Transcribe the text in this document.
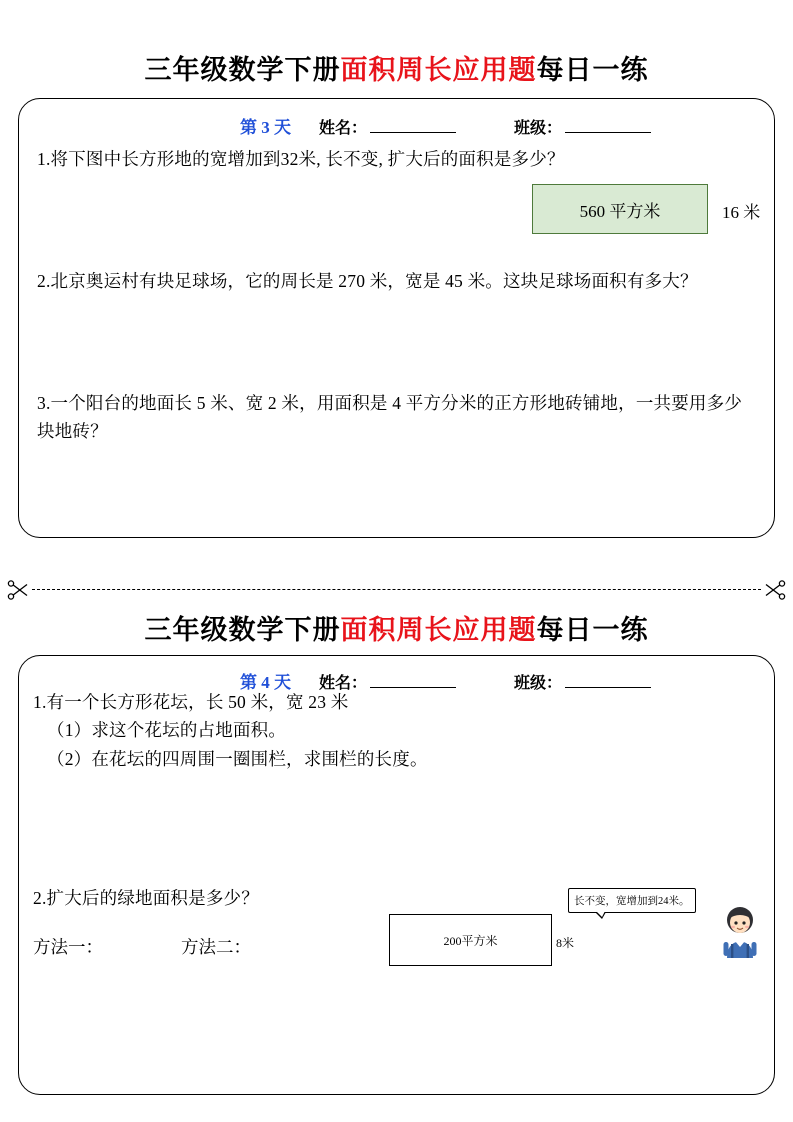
三年级数学下册面积周长应用题每日一练
第 3 天	姓名：	班级：
1.将下图中长方形地的宽增加到32米, 长不变, 扩大后的面积是多少？
560 平方米	16 米
2.北京奥运村有块足球场，它的周长是 270 米，宽是 45 米。这块足球场面积有多大？
3.一个阳台的地面长 5 米、宽 2 米，用面积是 4 平方分米的正方形地砖铺地，一共要用多少块地砖？
三年级数学下册面积周长应用题每日一练
第 4 天	姓名：	班级：
1.有一个长方形花坛，长 50 米，宽 23 米
（1）求这个花坛的占地面积。
（2）在花坛的四周围一圈围栏，求围栏的长度。
2.扩大后的绿地面积是多少？
方法一：	方法二：	200平方米	8米
长不变，宽增加到24米。
